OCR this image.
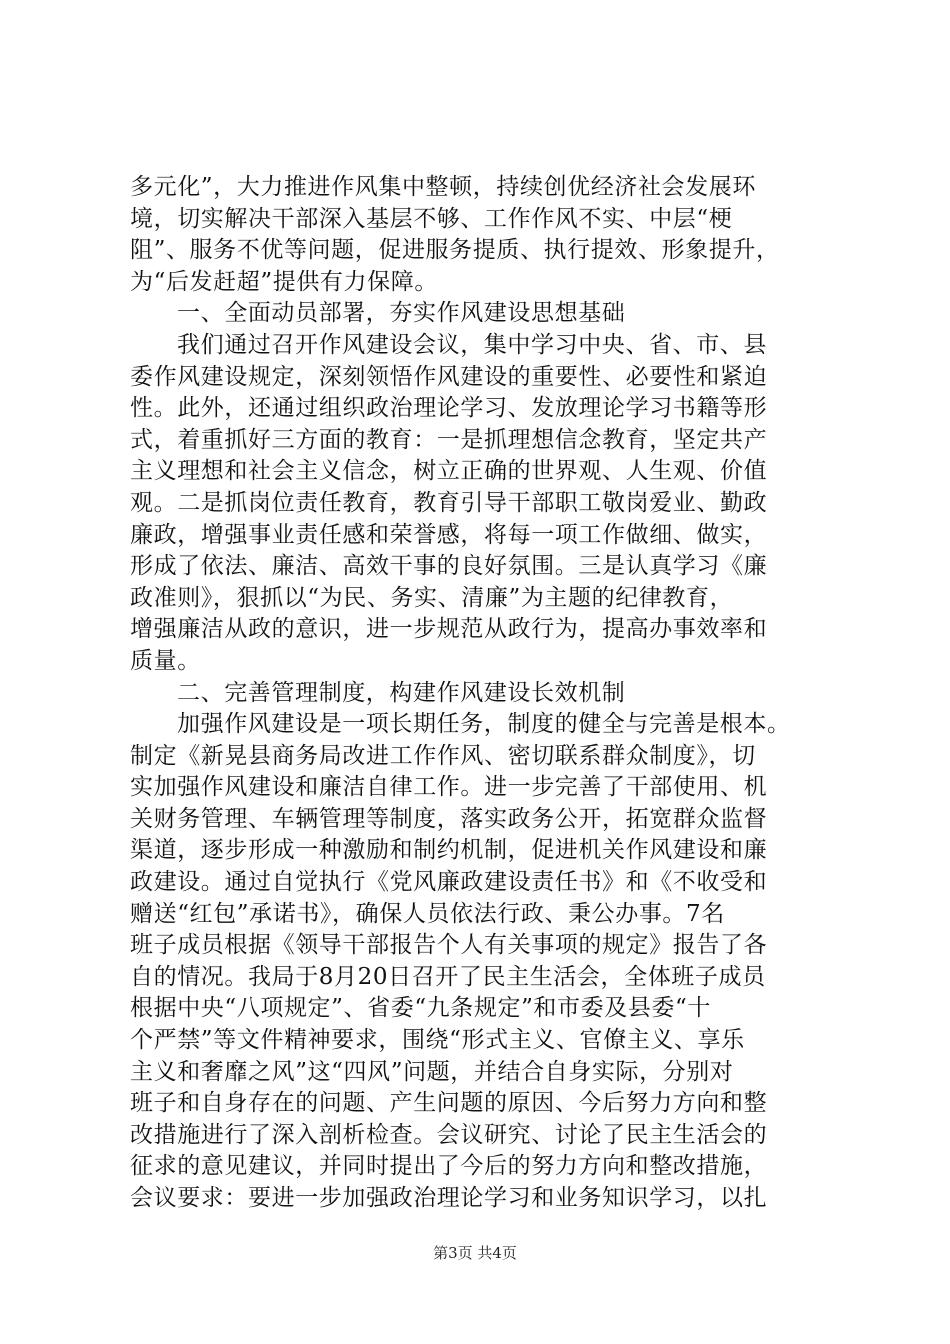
多元化”，大力推进作风集中整顿，持续创优经济社会发展环
境，切实解决干部深入基层不够、工作作风不实、中层“梗
阻”、服务不优等问题，促进服务提质、执行提效、形象提升，
为“后发赶超”提供有力保障。
一、全面动员部署，夯实作风建设思想基础
我们通过召开作风建设会议，集中学习中央、省、市、县
委作风建设规定，深刻领悟作风建设的重要性、必要性和紧迫
性。此外，还通过组织政治理论学习、发放理论学习书籍等形
式，着重抓好三方面的教育：一是抓理想信念教育，坚定共产
主义理想和社会主义信念，树立正确的世界观、人生观、价值
观。二是抓岗位责任教育，教育引导干部职工敬岗爱业、勤政
廉政，增强事业责任感和荣誉感，将每一项工作做细、做实，
形成了依法、廉洁、高效干事的良好氛围。三是认真学习《廉
政准则》，狠抓以“为民、务实、清廉”为主题的纪律教育，
增强廉洁从政的意识，进一步规范从政行为，提高办事效率和
质量。
二、完善管理制度，构建作风建设长效机制
加强作风建设是一项长期任务，制度的健全与完善是根本。
制定《新晃县商务局改进工作作风、密切联系群众制度》，切
实加强作风建设和廉洁自律工作。进一步完善了干部使用、机
关财务管理、车辆管理等制度，落实政务公开，拓宽群众监督
渠道，逐步形成一种激励和制约机制，促进机关作风建设和廉
政建设。通过自觉执行《党风廉政建设责任书》和《不收受和
赠送“红包”承诺书》，确保人员依法行政、秉公办事。7名
班子成员根据《领导干部报告个人有关事项的规定》报告了各
自的情况。我局于8月20日召开了民主生活会，全体班子成员
根据中央“八项规定”、省委“九条规定”和市委及县委“十
个严禁”等文件精神要求，围绕“形式主义、官僚主义、享乐
主义和奢靡之风”这“四风”问题，并结合自身实际，分别对
班子和自身存在的问题、产生问题的原因、今后努力方向和整
改措施进行了深入剖析检查。会议研究、讨论了民主生活会的
征求的意见建议，并同时提出了今后的努力方向和整改措施，
会议要求：要进一步加强政治理论学习和业务知识学习，以扎
第3页 共4页
